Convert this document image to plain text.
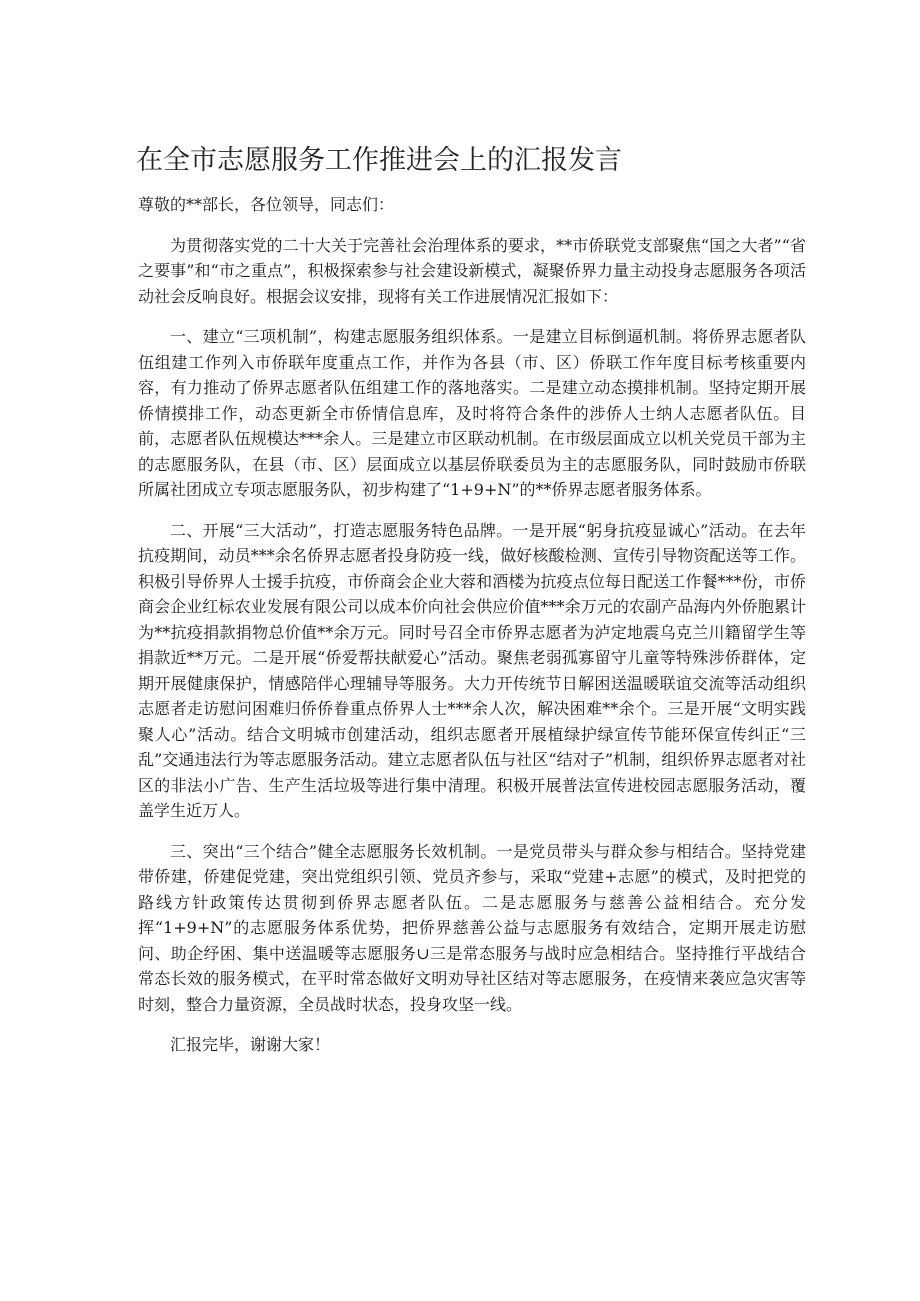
在全市志愿服务工作推进会上的汇报发言

尊敬的**部长，各位领导，同志们：

为贯彻落实党的二十大关于完善社会治理体系的要求，**市侨联党支部聚焦“国之大者”“省之要事”和“市之重点”，积极探索参与社会建设新模式，凝聚侨界力量主动投身志愿服务各项活动社会反响良好。根据会议安排，现将有关工作进展情况汇报如下：

一、建立“三项机制”，构建志愿服务组织体系。一是建立目标倒逼机制。将侨界志愿者队伍组建工作列入市侨联年度重点工作，并作为各县（市、区）侨联工作年度目标考核重要内容，有力推动了侨界志愿者队伍组建工作的落地落实。二是建立动态摸排机制。坚持定期开展侨情摸排工作，动态更新全市侨情信息库，及时将符合条件的涉侨人士纳人志愿者队伍。目前，志愿者队伍规模达***余人。三是建立市区联动机制。在市级层面成立以机关党员干部为主的志愿服务队，在县（市、区）层面成立以基层侨联委员为主的志愿服务队，同时鼓励市侨联所属社团成立专项志愿服务队，初步构建了“1+9+N”的**侨界志愿者服务体系。

二、开展“三大活动”，打造志愿服务特色品牌。一是开展“躬身抗疫显诚心”活动。在去年抗疫期间，动员***余名侨界志愿者投身防疫一线，做好核酸检测、宣传引导物资配送等工作。积极引导侨界人士援手抗疫，市侨商会企业大蓉和酒楼为抗疫点位每日配送工作餐***份，市侨商会企业红标农业发展有限公司以成本价向社会供应价值***余万元的农副产品海内外侨胞累计为**抗疫捐款捐物总价值**余万元。同时号召全市侨界志愿者为泸定地震乌克兰川籍留学生等捐款近**万元。二是开展“侨爱帮扶献爱心”活动。聚焦老弱孤寡留守儿童等特殊涉侨群体，定期开展健康保护，情感陪伴心理辅导等服务。大力开传统节日解困送温暖联谊交流等活动组织志愿者走访慰问困难归侨侨眷重点侨界人士***余人次，解决困难**余个。三是开展“文明实践聚人心”活动。结合文明城市创建活动，组织志愿者开展植绿护绿宣传节能环保宣传纠正“三乱”交通违法行为等志愿服务活动。建立志愿者队伍与社区“结对子”机制，组织侨界志愿者对社区的非法小广告、生产生活垃圾等进行集中清理。积极开展普法宣传进校园志愿服务活动，覆盖学生近万人。

三、突出“三个结合”健全志愿服务长效机制。一是党员带头与群众参与相结合。坚持党建带侨建，侨建促党建，突出党组织引领、党员齐参与，采取“党建+志愿”的模式，及时把党的路线方针政策传达贯彻到侨界志愿者队伍。二是志愿服务与慈善公益相结合。充分发挥“1+9+N”的志愿服务体系优势，把侨界慈善公益与志愿服务有效结合，定期开展走访慰问、助企纾困、集中送温暖等志愿服务∪三是常态服务与战时应急相结合。坚持推行平战结合常态长效的服务模式，在平时常态做好文明劝导社区结对等志愿服务，在疫情来袭应急灾害等时刻，整合力量资源，全员战时状态，投身攻坚一线。

汇报完毕，谢谢大家！
